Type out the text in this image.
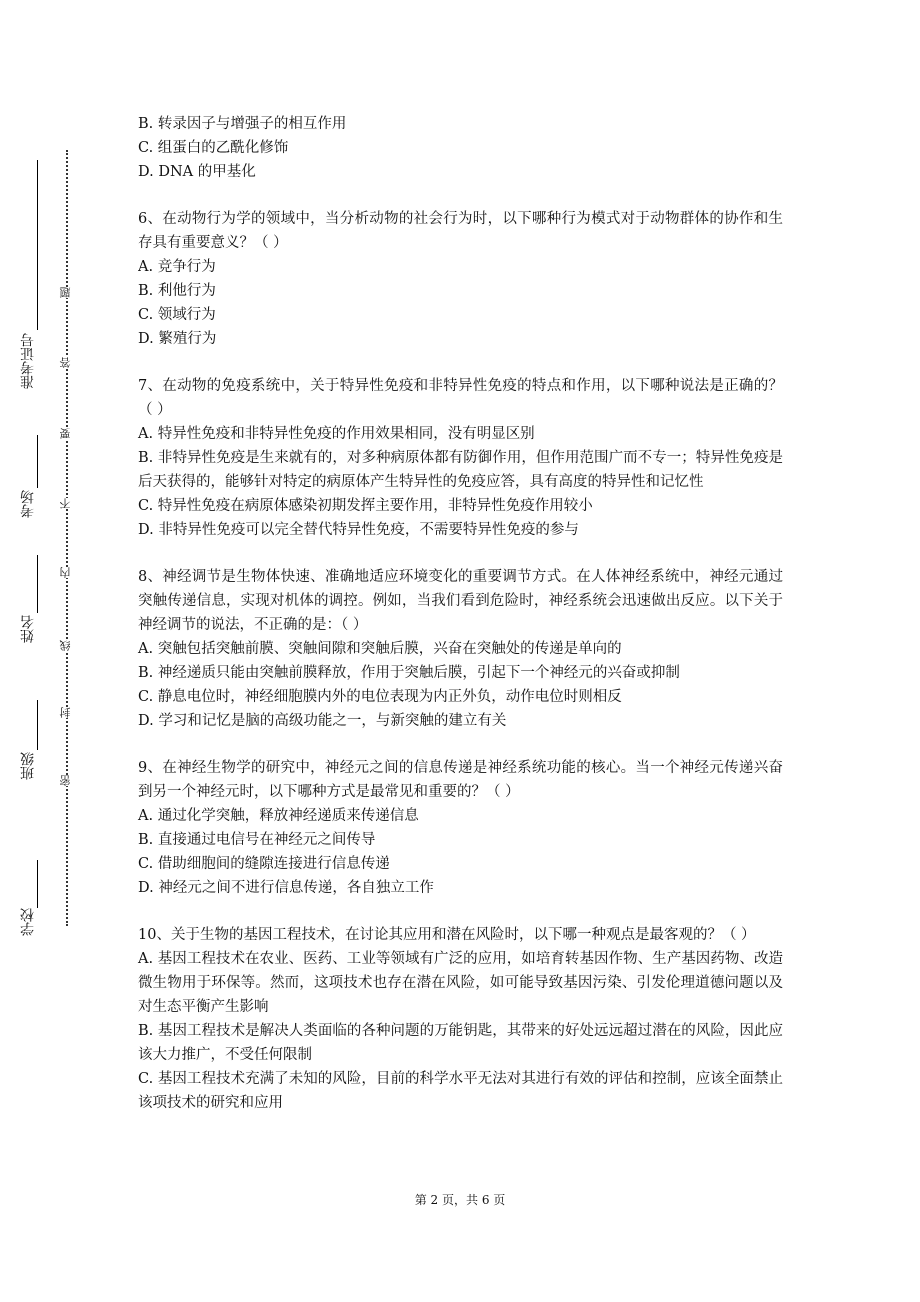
学校
班级
姓名
考场
准考证号
密
封
线
内
不
要
答
题
B. 转录因子与增强子的相互作用
C. 组蛋白的乙酰化修饰
D. DNA 的甲基化
6、在动物行为学的领域中，当分析动物的社会行为时，以下哪种行为模式对于动物群体的协作和生存具有重要意义？（ ）
A. 竞争行为
B. 利他行为
C. 领域行为
D. 繁殖行为
7、在动物的免疫系统中，关于特异性免疫和非特异性免疫的特点和作用，以下哪种说法是正确的？（ ）
A. 特异性免疫和非特异性免疫的作用效果相同，没有明显区别
B. 非特异性免疫是生来就有的，对多种病原体都有防御作用，但作用范围广而不专一；特异性免疫是后天获得的，能够针对特定的病原体产生特异性的免疫应答，具有高度的特异性和记忆性
C. 特异性免疫在病原体感染初期发挥主要作用，非特异性免疫作用较小
D. 非特异性免疫可以完全替代特异性免疫，不需要特异性免疫的参与
8、神经调节是生物体快速、准确地适应环境变化的重要调节方式。在人体神经系统中，神经元通过突触传递信息，实现对机体的调控。例如，当我们看到危险时，神经系统会迅速做出反应。以下关于神经调节的说法，不正确的是：（ ）
A. 突触包括突触前膜、突触间隙和突触后膜，兴奋在突触处的传递是单向的
B. 神经递质只能由突触前膜释放，作用于突触后膜，引起下一个神经元的兴奋或抑制
C. 静息电位时，神经细胞膜内外的电位表现为内正外负，动作电位时则相反
D. 学习和记忆是脑的高级功能之一，与新突触的建立有关
9、在神经生物学的研究中，神经元之间的信息传递是神经系统功能的核心。当一个神经元传递兴奋到另一个神经元时，以下哪种方式是最常见和重要的？（ ）
A. 通过化学突触，释放神经递质来传递信息
B. 直接通过电信号在神经元之间传导
C. 借助细胞间的缝隙连接进行信息传递
D. 神经元之间不进行信息传递，各自独立工作
10、关于生物的基因工程技术，在讨论其应用和潜在风险时，以下哪一种观点是最客观的？（ ）
A. 基因工程技术在农业、医药、工业等领域有广泛的应用，如培育转基因作物、生产基因药物、改造微生物用于环保等。然而，这项技术也存在潜在风险，如可能导致基因污染、引发伦理道德问题以及对生态平衡产生影响
B. 基因工程技术是解决人类面临的各种问题的万能钥匙，其带来的好处远远超过潜在的风险，因此应该大力推广，不受任何限制
C. 基因工程技术充满了未知的风险，目前的科学水平无法对其进行有效的评估和控制，应该全面禁止该项技术的研究和应用
第 2 页，共 6 页
